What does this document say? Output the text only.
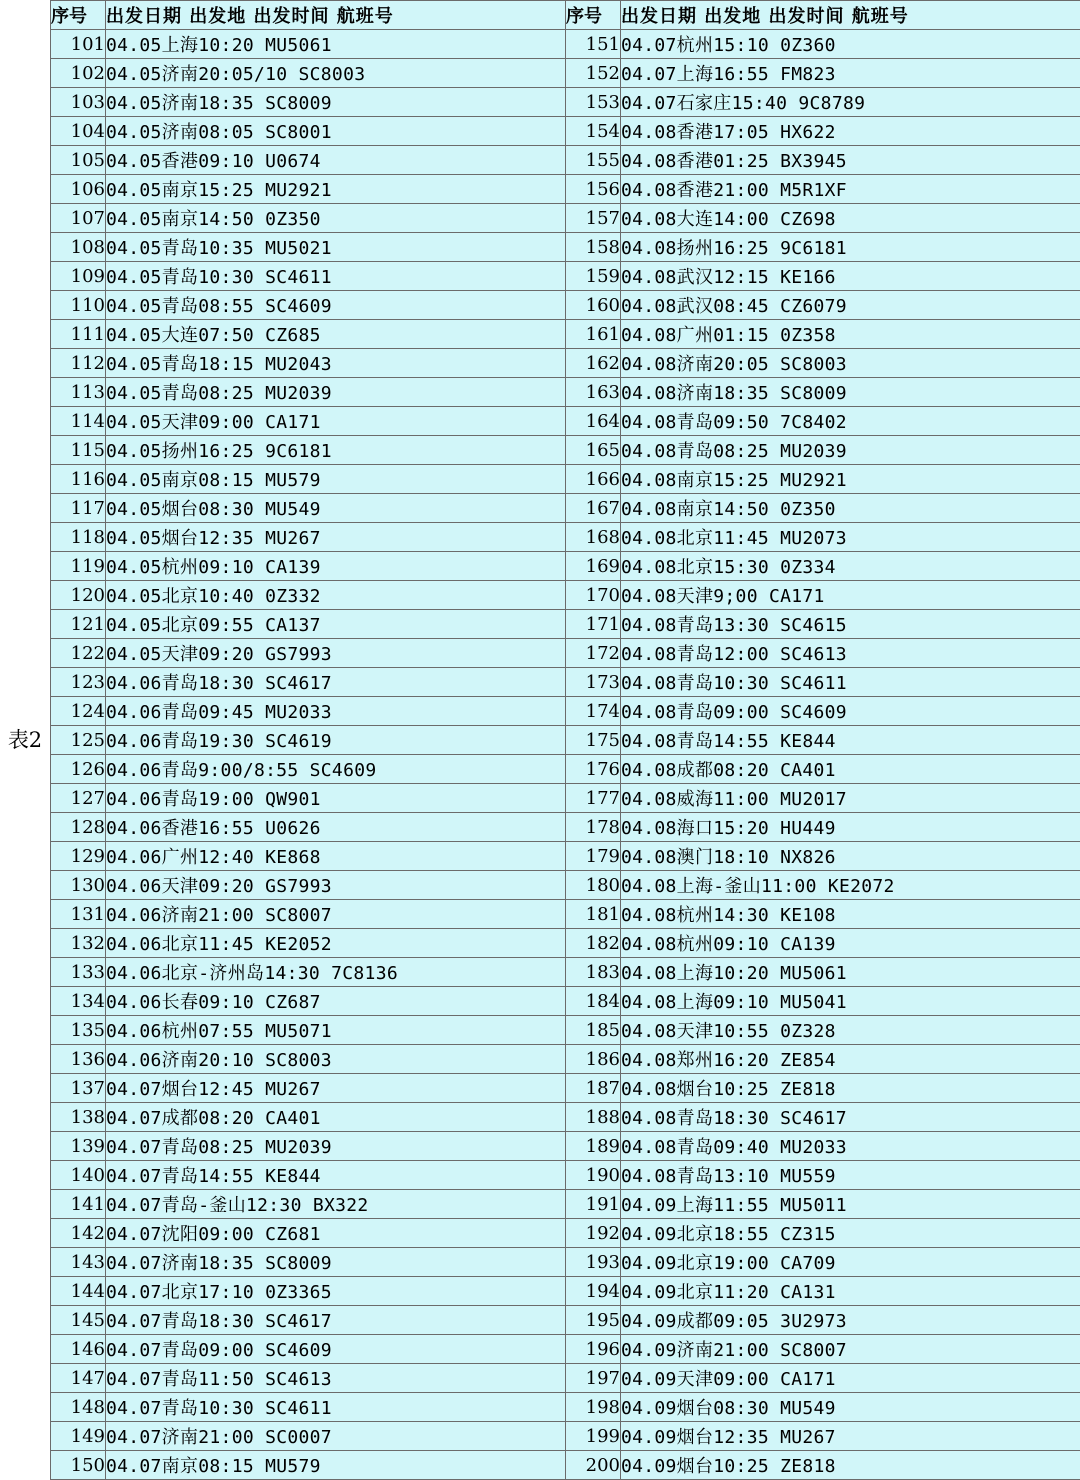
表2
序号	出发日期 出发地 出发时间 航班号	序号	出发日期 出发地 出发时间 航班号
101	04.05上海10:20 MU5061	151	04.07杭州15:10 0Z360
102	04.05济南20:05/10 SC8003	152	04.07上海16:55 FM823
103	04.05济南18:35 SC8009	153	04.07石家庄15:40 9C8789
104	04.05济南08:05 SC8001	154	04.08香港17:05 HX622
105	04.05香港09:10 U0674	155	04.08香港01:25 BX3945
106	04.05南京15:25 MU2921	156	04.08香港21:00 M5R1XF
107	04.05南京14:50 0Z350	157	04.08大连14:00 CZ698
108	04.05青岛10:35 MU5021	158	04.08扬州16:25 9C6181
109	04.05青岛10:30 SC4611	159	04.08武汉12:15 KE166
110	04.05青岛08:55 SC4609	160	04.08武汉08:45 CZ6079
111	04.05大连07:50 CZ685	161	04.08广州01:15 0Z358
112	04.05青岛18:15 MU2043	162	04.08济南20:05 SC8003
113	04.05青岛08:25 MU2039	163	04.08济南18:35 SC8009
114	04.05天津09:00 CA171	164	04.08青岛09:50 7C8402
115	04.05扬州16:25 9C6181	165	04.08青岛08:25 MU2039
116	04.05南京08:15 MU579	166	04.08南京15:25 MU2921
117	04.05烟台08:30 MU549	167	04.08南京14:50 0Z350
118	04.05烟台12:35 MU267	168	04.08北京11:45 MU2073
119	04.05杭州09:10 CA139	169	04.08北京15:30 0Z334
120	04.05北京10:40 0Z332	170	04.08天津9;00 CA171
121	04.05北京09:55 CA137	171	04.08青岛13:30 SC4615
122	04.05天津09:20 GS7993	172	04.08青岛12:00 SC4613
123	04.06青岛18:30 SC4617	173	04.08青岛10:30 SC4611
124	04.06青岛09:45 MU2033	174	04.08青岛09:00 SC4609
125	04.06青岛19:30 SC4619	175	04.08青岛14:55 KE844
126	04.06青岛9:00/8:55 SC4609	176	04.08成都08:20 CA401
127	04.06青岛19:00 QW901	177	04.08威海11:00 MU2017
128	04.06香港16:55 U0626	178	04.08海口15:20 HU449
129	04.06广州12:40 KE868	179	04.08澳门18:10 NX826
130	04.06天津09:20 GS7993	180	04.08上海-釜山11:00 KE2072
131	04.06济南21:00 SC8007	181	04.08杭州14:30 KE108
132	04.06北京11:45 KE2052	182	04.08杭州09:10 CA139
133	04.06北京-济州岛14:30 7C8136	183	04.08上海10:20 MU5061
134	04.06长春09:10 CZ687	184	04.08上海09:10 MU5041
135	04.06杭州07:55 MU5071	185	04.08天津10:55 0Z328
136	04.06济南20:10 SC8003	186	04.08郑州16:20 ZE854
137	04.07烟台12:45 MU267	187	04.08烟台10:25 ZE818
138	04.07成都08:20 CA401	188	04.08青岛18:30 SC4617
139	04.07青岛08:25 MU2039	189	04.08青岛09:40 MU2033
140	04.07青岛14:55 KE844	190	04.08青岛13:10 MU559
141	04.07青岛-釜山12:30 BX322	191	04.09上海11:55 MU5011
142	04.07沈阳09:00 CZ681	192	04.09北京18:55 CZ315
143	04.07济南18:35 SC8009	193	04.09北京19:00 CA709
144	04.07北京17:10 0Z3365	194	04.09北京11:20 CA131
145	04.07青岛18:30 SC4617	195	04.09成都09:05 3U2973
146	04.07青岛09:00 SC4609	196	04.09济南21:00 SC8007
147	04.07青岛11:50 SC4613	197	04.09天津09:00 CA171
148	04.07青岛10:30 SC4611	198	04.09烟台08:30 MU549
149	04.07济南21:00 SC0007	199	04.09烟台12:35 MU267
150	04.07南京08:15 MU579	200	04.09烟台10:25 ZE818
